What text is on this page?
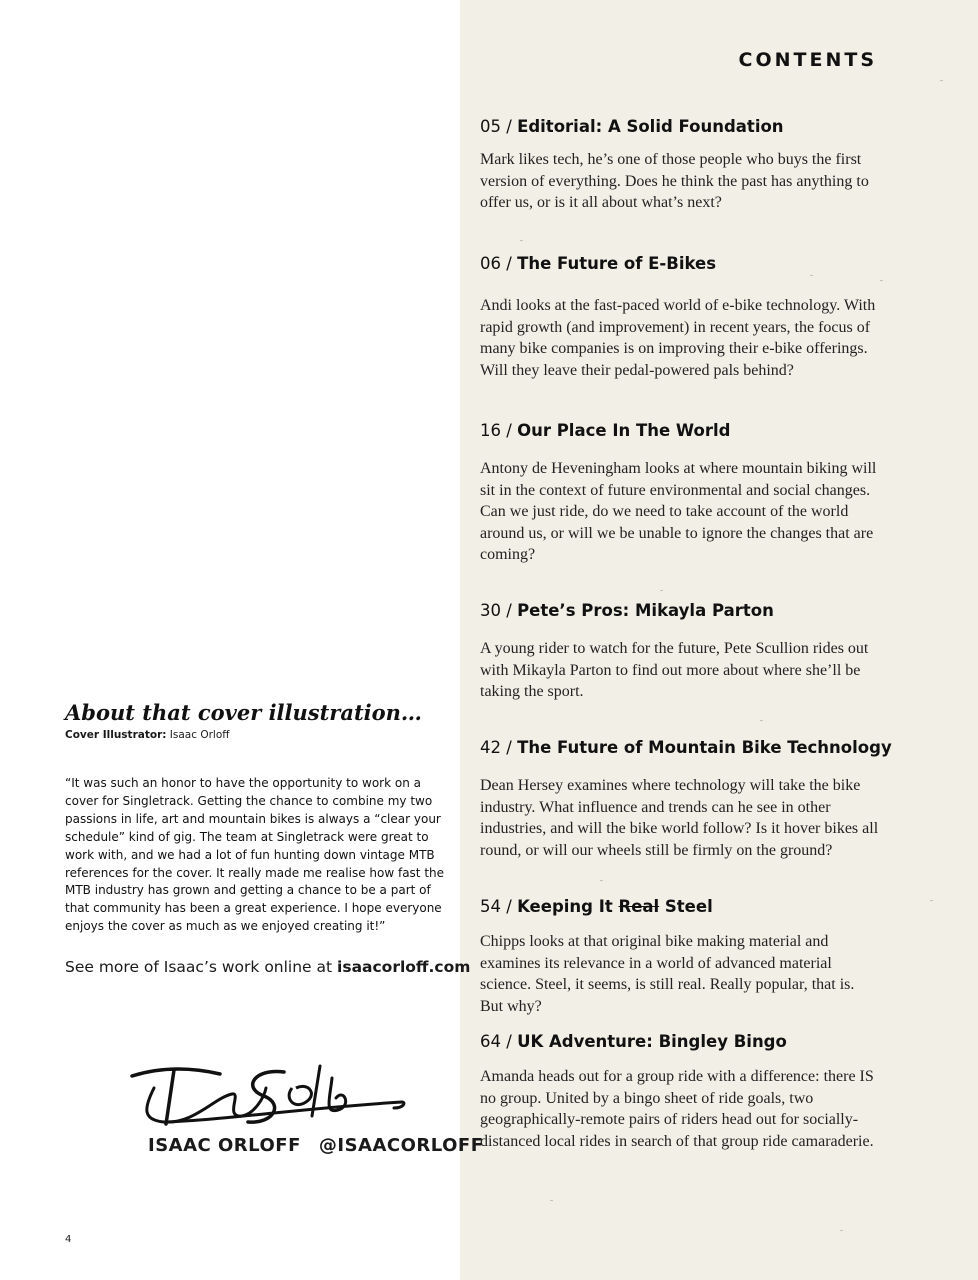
CONTENTS

05 / Editorial: A Solid Foundation

Mark likes tech, he’s one of those people who buys the first version of everything. Does he think the past has anything to offer us, or is it all about what’s next?

06 / The Future of E-Bikes

Andi looks at the fast-paced world of e-bike technology. With rapid growth (and improvement) in recent years, the focus of many bike companies is on improving their e-bike offerings. Will they leave their pedal-powered pals behind?

16 / Our Place In The World

Antony de Heveningham looks at where mountain biking will sit in the context of future environmental and social changes. Can we just ride, do we need to take account of the world around us, or will we be unable to ignore the changes that are coming?

30 / Pete’s Pros: Mikayla Parton

A young rider to watch for the future, Pete Scullion rides out with Mikayla Parton to find out more about where she’ll be taking the sport.

42 / The Future of Mountain Bike Technology

Dean Hersey examines where technology will take the bike industry. What influence and trends can he see in other industries, and will the bike world follow? Is it hover bikes all round, or will our wheels still be firmly on the ground?

54 / Keeping It Real Steel

Chipps looks at that original bike making material and examines its relevance in a world of advanced material science. Steel, it seems, is still real. Really popular, that is. But why?

64 / UK Adventure: Bingley Bingo

Amanda heads out for a group ride with a difference: there IS no group. United by a bingo sheet of ride goals, two geographically-remote pairs of riders head out for socially-distanced local rides in search of that group ride camaraderie.

About that cover illustration…

Cover Illustrator: Isaac Orloff

“It was such an honor to have the opportunity to work on a cover for Singletrack. Getting the chance to combine my two passions in life, art and mountain bikes is always a “clear your schedule” kind of gig. The team at Singletrack were great to work with, and we had a lot of fun hunting down vintage MTB references for the cover. It really made me realise how fast the MTB industry has grown and getting a chance to be a part of that community has been a great experience. I hope everyone enjoys the cover as much as we enjoyed creating it!”

See more of Isaac’s work online at isaacorloff.com

ISAAC ORLOFF @ISAACORLOFF

4
